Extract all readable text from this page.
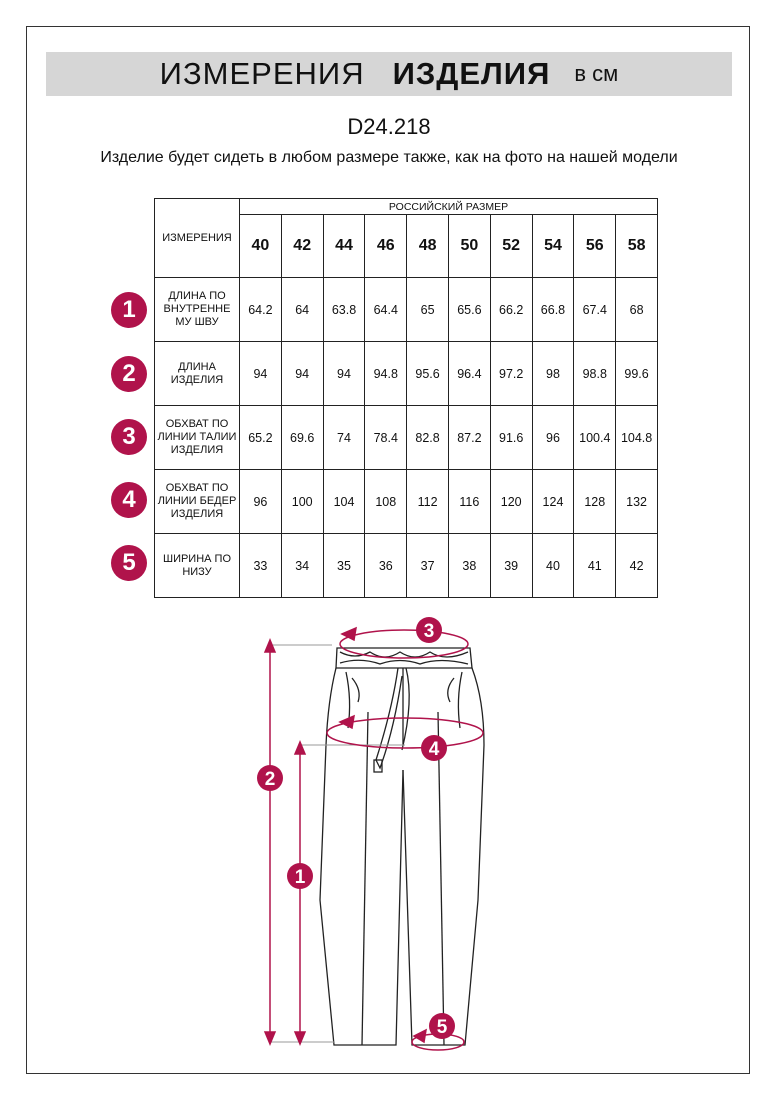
ИЗМЕРЕНИЯ ИЗДЕЛИЯ в см
D24.218
Изделие будет сидеть в любом размере также, как на фото на нашей модели
ИЗМЕРЕНИЯ	РОССИЙСКИЙ РАЗМЕР									
	40	42	44	46	48	50	52	54	56	58
ДЛИНА ПО ВНУТРЕННЕ МУ ШВУ	64.2	64	63.8	64.4	65	65.6	66.2	66.8	67.4	68
ДЛИНА ИЗДЕЛИЯ	94	94	94	94.8	95.6	96.4	97.2	98	98.8	99.6
ОБХВАТ ПО ЛИНИИ ТАЛИИ ИЗДЕЛИЯ	65.2	69.6	74	78.4	82.8	87.2	91.6	96	100.4	104.8
ОБХВАТ ПО ЛИНИИ БЕДЕР ИЗДЕЛИЯ	96	100	104	108	112	116	120	124	128	132
ШИРИНА ПО НИЗУ	33	34	35	36	37	38	39	40	41	42
1
2
3
4
5
1
2
3
4
5
